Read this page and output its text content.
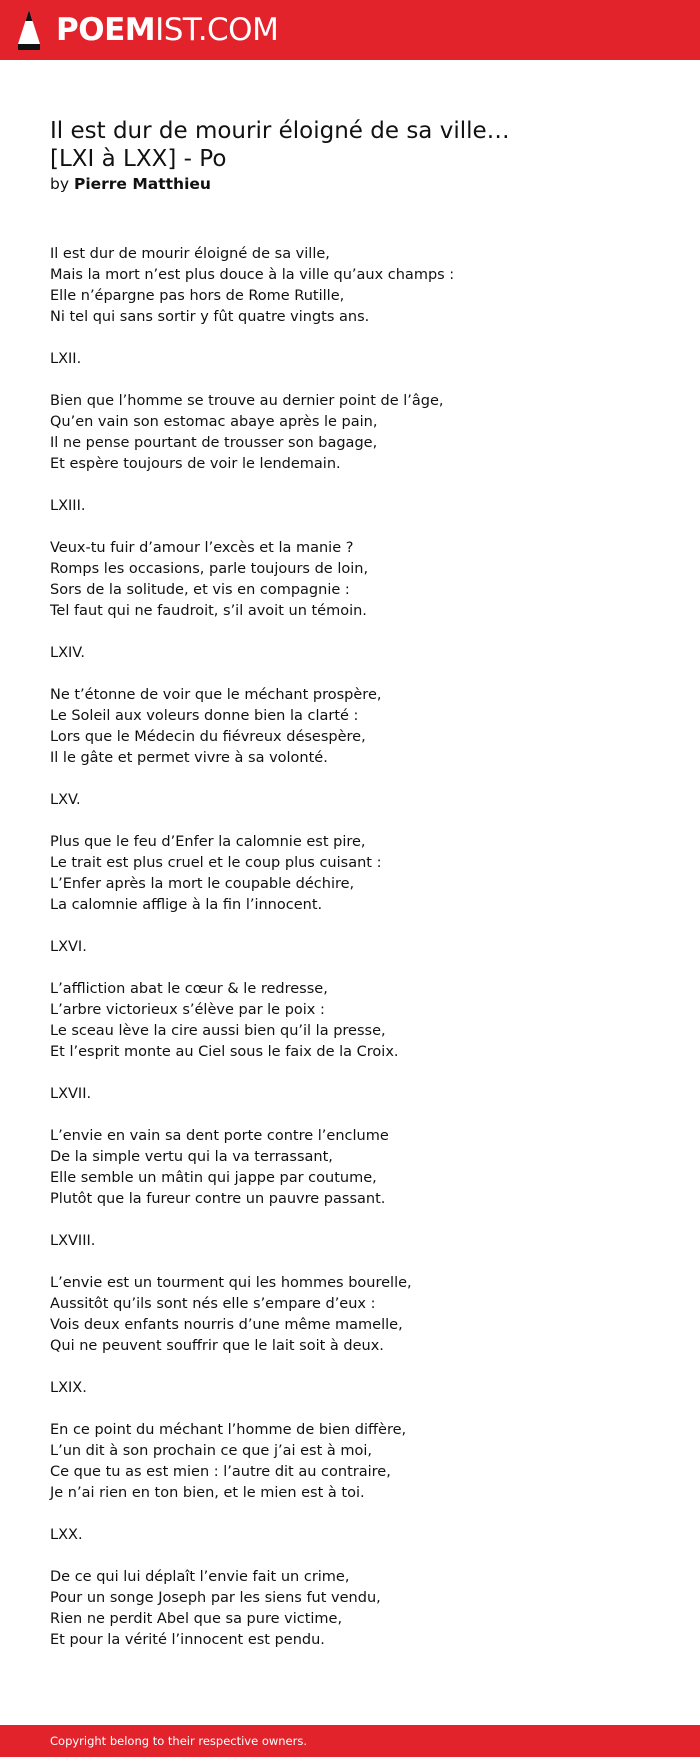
POEMIST.COM
Il est dur de mourir éloigné de sa ville… [LXI à LXX] - Po
by Pierre Matthieu
Il est dur de mourir éloigné de sa ville,
Mais la mort n’est plus douce à la ville qu’aux champs :
Elle n’épargne pas hors de Rome Rutille,
Ni tel qui sans sortir y fût quatre vingts ans.
LXII.
Bien que l’homme se trouve au dernier point de l’âge,
Qu’en vain son estomac abaye après le pain,
Il ne pense pourtant de trousser son bagage,
Et espère toujours de voir le lendemain.
LXIII.
Veux-tu fuir d’amour l’excès et la manie ?
Romps les occasions, parle toujours de loin,
Sors de la solitude, et vis en compagnie :
Tel faut qui ne faudroit, s’il avoit un témoin.
LXIV.
Ne t’étonne de voir que le méchant prospère,
Le Soleil aux voleurs donne bien la clarté :
Lors que le Médecin du fiévreux désespère,
Il le gâte et permet vivre à sa volonté.
LXV.
Plus que le feu d’Enfer la calomnie est pire,
Le trait est plus cruel et le coup plus cuisant :
L’Enfer après la mort le coupable déchire,
La calomnie afflige à la fin l’innocent.
LXVI.
L’affliction abat le cœur & le redresse,
L’arbre victorieux s’élève par le poix :
Le sceau lève la cire aussi bien qu’il la presse,
Et l’esprit monte au Ciel sous le faix de la Croix.
LXVII.
L’envie en vain sa dent porte contre l’enclume
De la simple vertu qui la va terrassant,
Elle semble un mâtin qui jappe par coutume,
Plutôt que la fureur contre un pauvre passant.
LXVIII.
L’envie est un tourment qui les hommes bourelle,
Aussitôt qu’ils sont nés elle s’empare d’eux :
Vois deux enfants nourris d’une même mamelle,
Qui ne peuvent souffrir que le lait soit à deux.
LXIX.
En ce point du méchant l’homme de bien diffère,
L’un dit à son prochain ce que j’ai est à moi,
Ce que tu as est mien : l’autre dit au contraire,
Je n’ai rien en ton bien, et le mien est à toi.
LXX.
De ce qui lui déplaît l’envie fait un crime,
Pour un songe Joseph par les siens fut vendu,
Rien ne perdit Abel que sa pure victime,
Et pour la vérité l’innocent est pendu.
Copyright belong to their respective owners.
